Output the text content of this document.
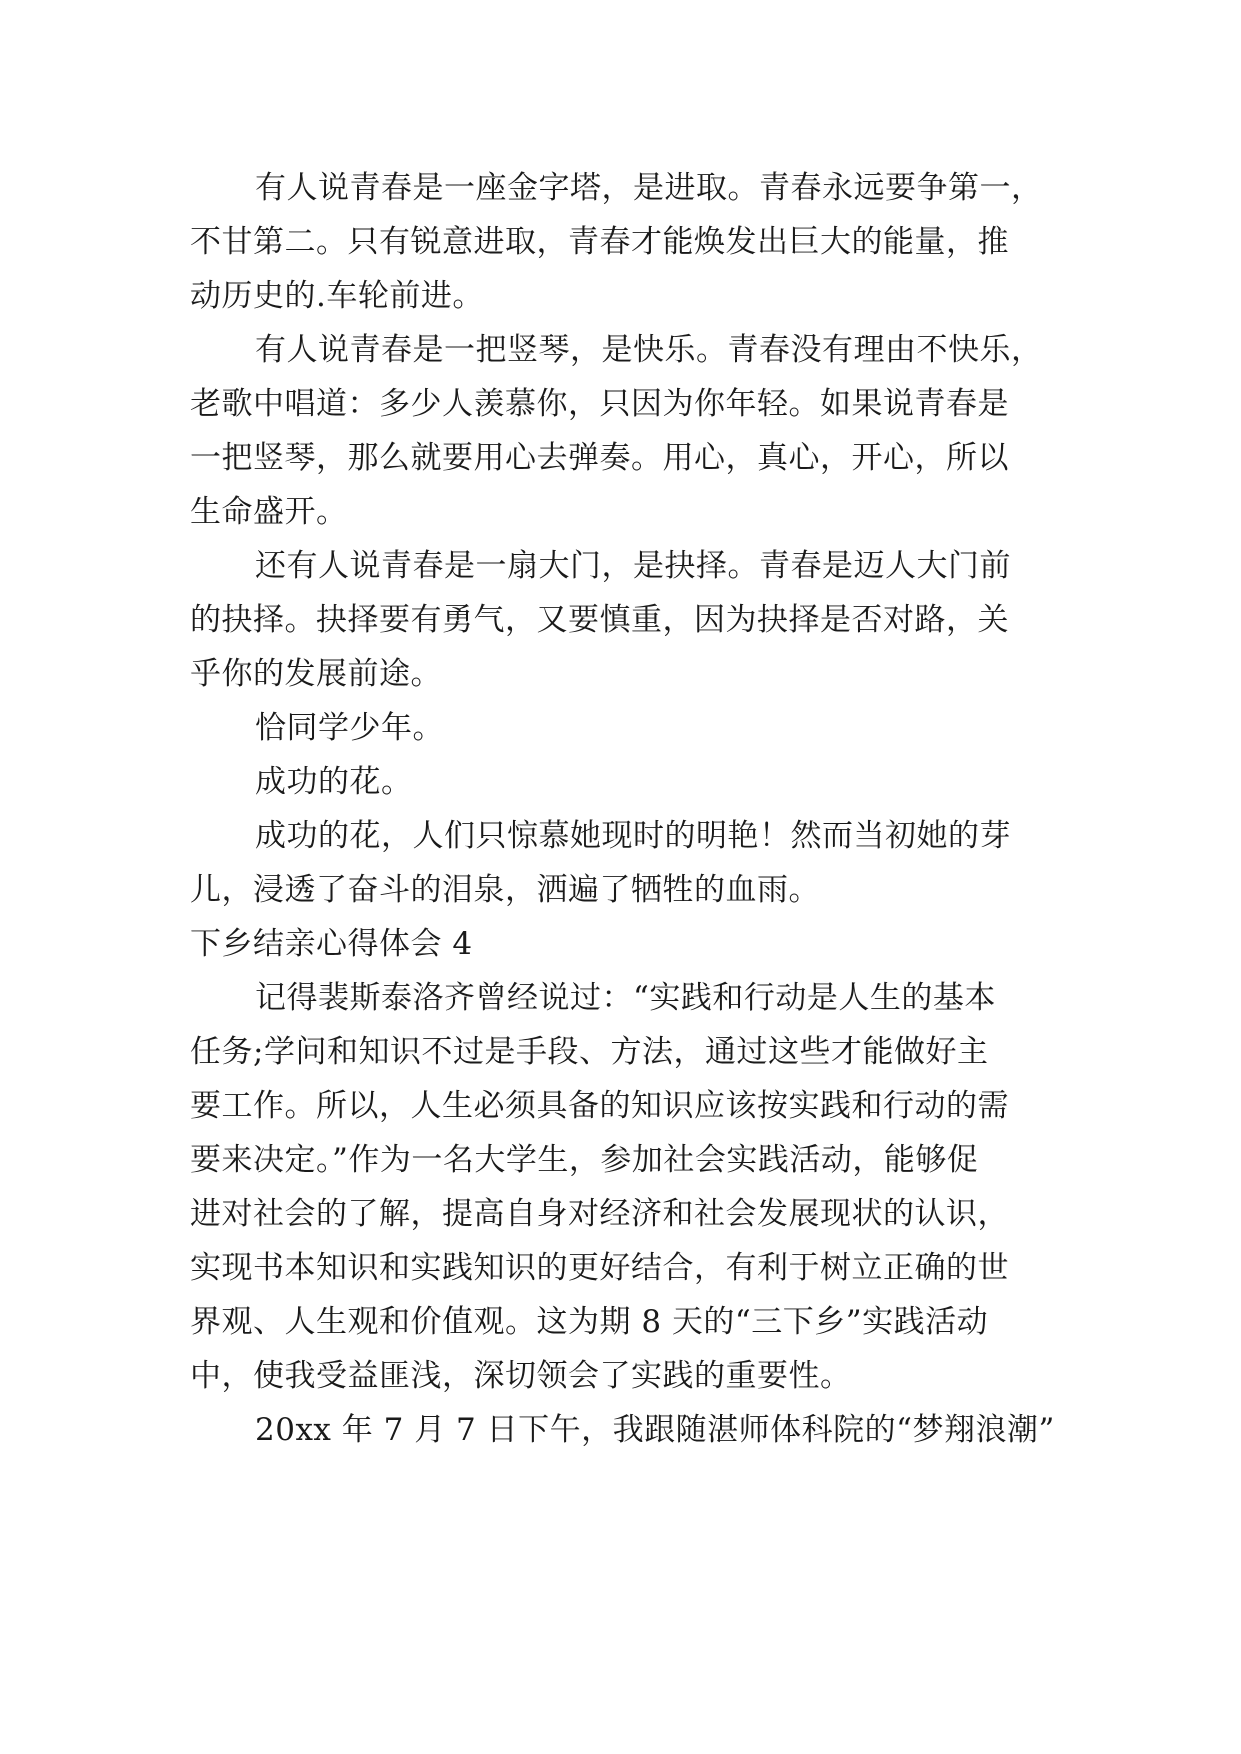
有人说青春是一座金字塔，是进取。青春永远要争第一，
不甘第二。只有锐意进取，青春才能焕发出巨大的能量，推
动历史的.车轮前进。
有人说青春是一把竖琴，是快乐。青春没有理由不快乐，
老歌中唱道：多少人羡慕你，只因为你年轻。如果说青春是
一把竖琴，那么就要用心去弹奏。用心，真心，开心，所以
生命盛开。
还有人说青春是一扇大门，是抉择。青春是迈人大门前
的抉择。抉择要有勇气，又要慎重，因为抉择是否对路，关
乎你的发展前途。
恰同学少年。
成功的花。
成功的花，人们只惊慕她现时的明艳！然而当初她的芽
儿，浸透了奋斗的泪泉，洒遍了牺牲的血雨。
下乡结亲心得体会 4
记得裴斯泰洛齐曾经说过：“实践和行动是人生的基本
任务;学问和知识不过是手段、方法，通过这些才能做好主
要工作。所以，人生必须具备的知识应该按实践和行动的需
要来决定。”作为一名大学生，参加社会实践活动，能够促
进对社会的了解，提高自身对经济和社会发展现状的认识，
实现书本知识和实践知识的更好结合，有利于树立正确的世
界观、人生观和价值观。这为期 8 天的“三下乡”实践活动
中，使我受益匪浅，深切领会了实践的重要性。
20xx 年 7 月 7 日下午，我跟随湛师体科院的“梦翔浪潮”
